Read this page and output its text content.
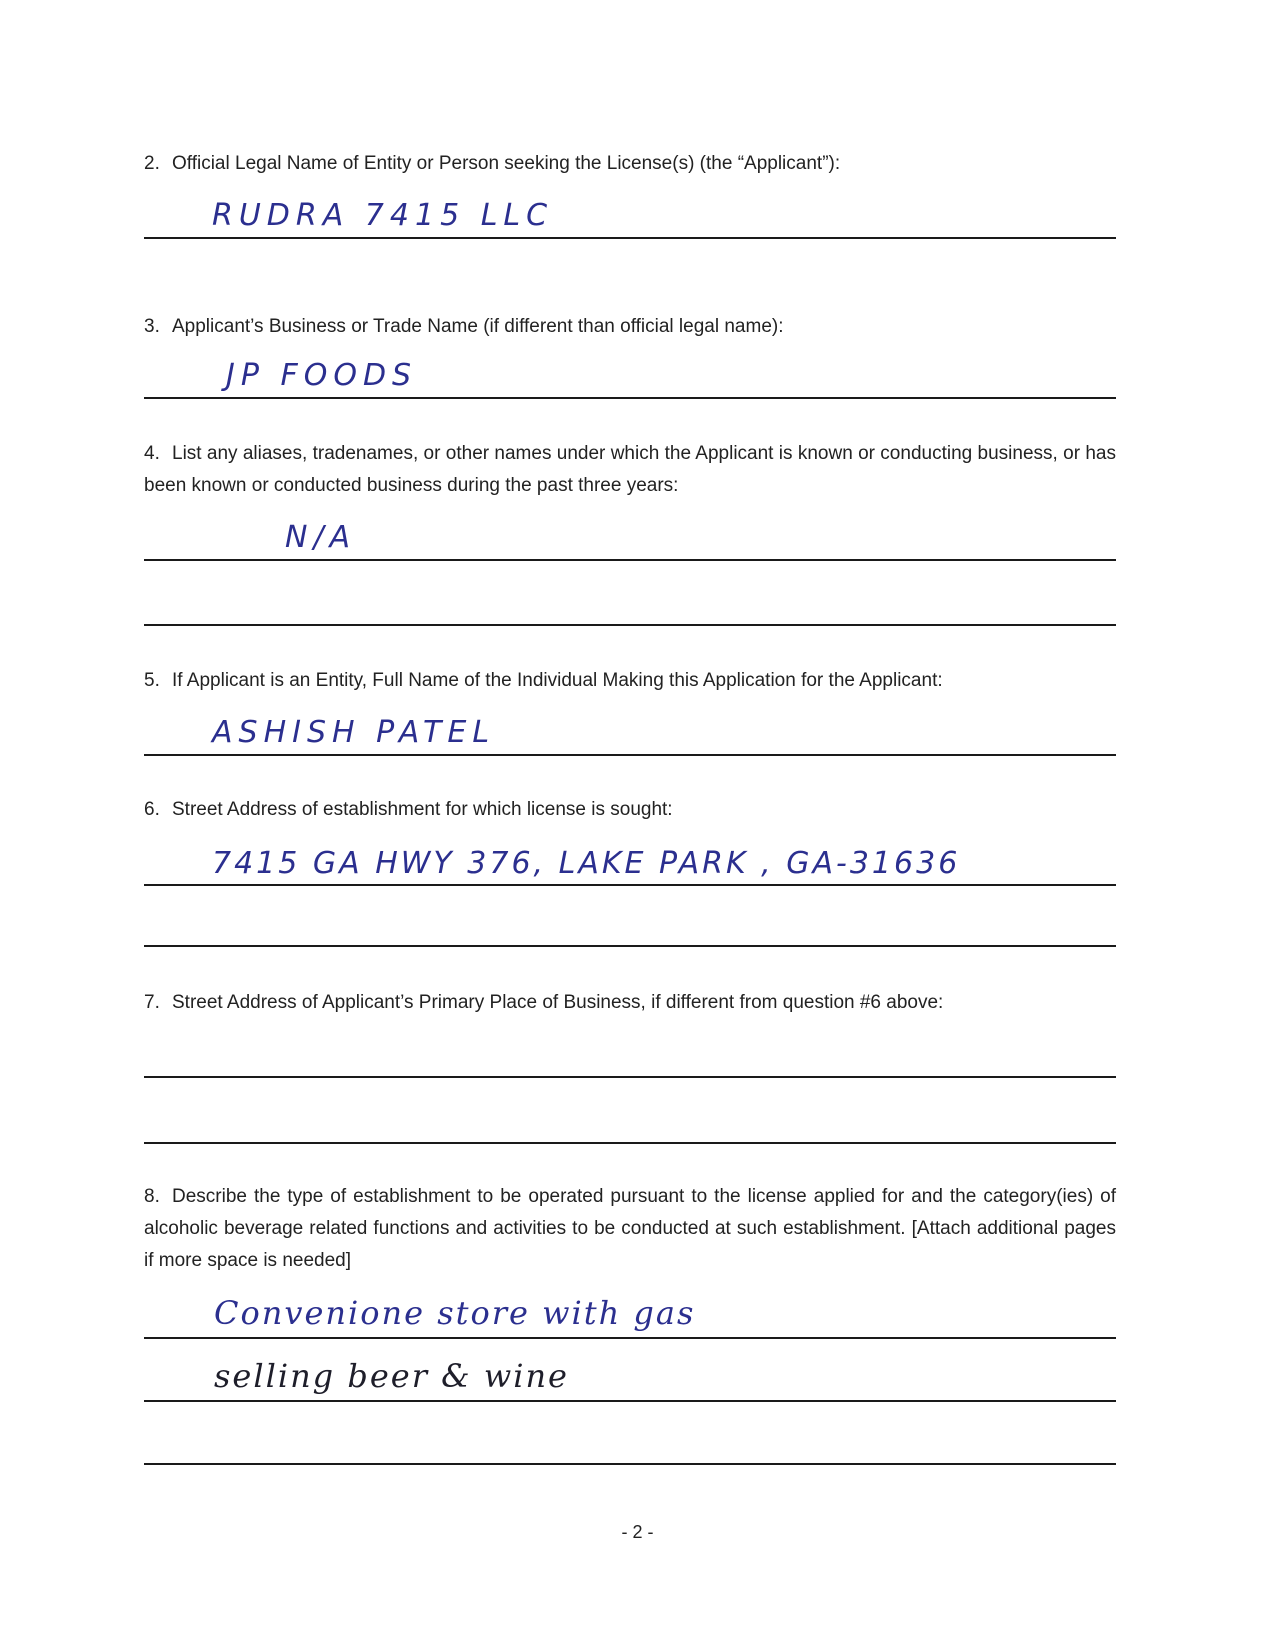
2. Official Legal Name of Entity or Person seeking the License(s) (the “Applicant”):
RUDRA 7415 LLC
3. Applicant’s Business or Trade Name (if different than official legal name):
JP FOODS
4. List any aliases, tradenames, or other names under which the Applicant is known or conducting business, or has been known or conducted business during the past three years:
N/A
5. If Applicant is an Entity, Full Name of the Individual Making this Application for the Applicant:
ASHISH PATEL
6. Street Address of establishment for which license is sought:
7415 GA HWY 376, LAKE PARK , GA-31636
7. Street Address of Applicant’s Primary Place of Business, if different from question #6 above:
8. Describe the type of establishment to be operated pursuant to the license applied for and the category(ies) of alcoholic beverage related functions and activities to be conducted at such establishment. [Attach additional pages if more space is needed]
Convenione store with gas
selling beer & wine
- 2 -
